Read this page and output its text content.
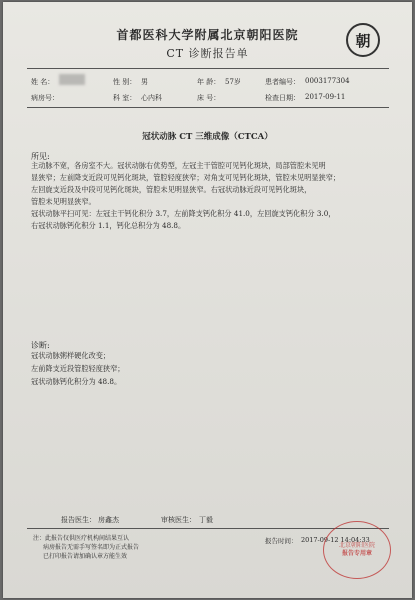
首都医科大学附属北京朝阳医院
CT 诊断报告单
朝
姓 名：	性 别： 男	年 龄： 57岁	患者编号： 0003177304
病房号：	科 室： 心内科	床 号：	检查日期： 2017-09-11
冠状动脉 CT 三维成像（CTCA）
所见:
主动脉不宽，各房室不大。冠状动脉右优势型，左冠主干管腔可见钙化斑块，局部管腔未见明
显狭窄；左前降支近段可见钙化斑块，管腔轻度狭窄；对角支可见钙化斑块，管腔未见明显狭窄；
左回旋支近段及中段可见钙化斑块，管腔未见明显狭窄。右冠状动脉近段可见钙化斑块，
管腔未见明显狭窄。
冠状动脉平扫可见：左冠主干钙化积分 3.7，左前降支钙化积分 41.0，左回旋支钙化积分 3.0，
右冠状动脉钙化积分 1.1，钙化总积分为 48.8。
诊断:
冠状动脉粥样硬化改变；
左前降支近段管腔轻度狭窄；
冠状动脉钙化积分为 48.8。
报告医生： 房鑫杰	审核医生： 丁毅
注：此报告仅供医疗机构间结果互认
病房报告无需手写签名即为正式报告
已打印报告请加确认章方能生效
报告时间： 2017-09-12 14:04:33
北京朝阳医院
报告专用章
